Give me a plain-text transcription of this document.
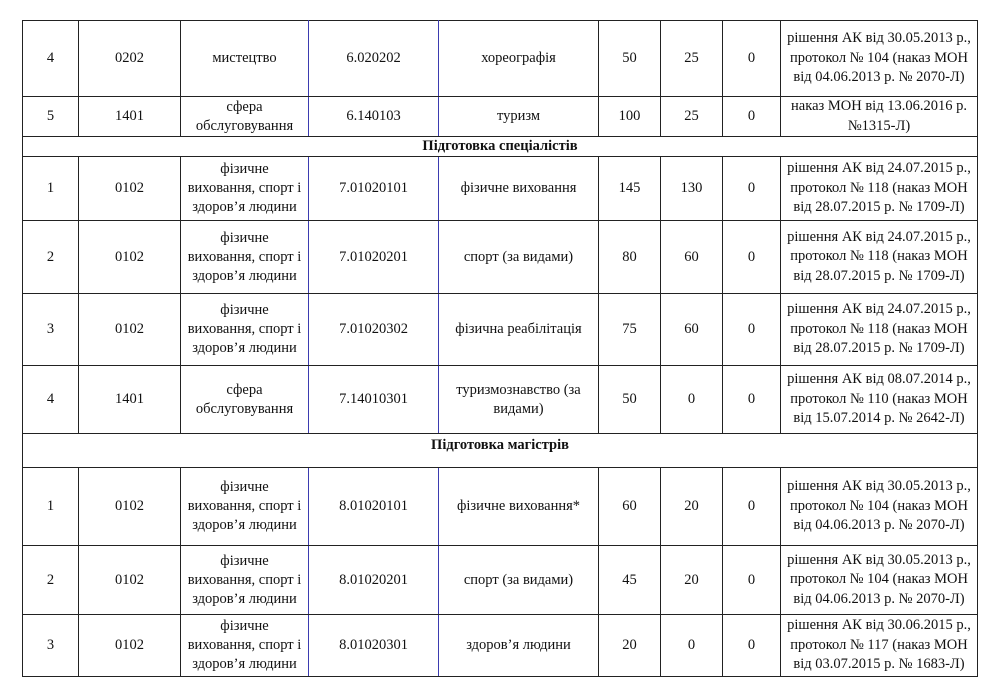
4	0202	мистецтво	6.020202	хореографія	50	25	0	рішення АК від 30.05.2013 р., протокол № 104 (наказ МОН від 04.06.2013 р. № 2070-Л)
5	1401	сфера обслуговування	6.140103	туризм	100	25	0	наказ МОН від 13.06.2016 р. №1315-Л)
Підготовка спеціалістів								
1	0102	фізичне виховання, спорт і здоров’я людини	7.01020101	фізичне виховання	145	130	0	рішення АК від 24.07.2015 р., протокол № 118 (наказ МОН від 28.07.2015 р. № 1709-Л)
2	0102	фізичне виховання, спорт і здоров’я людини	7.01020201	спорт (за видами)	80	60	0	рішення АК від 24.07.2015 р., протокол № 118 (наказ МОН від 28.07.2015 р. № 1709-Л)
3	0102	фізичне виховання, спорт і здоров’я людини	7.01020302	фізична реабілітація	75	60	0	рішення АК від 24.07.2015 р., протокол № 118 (наказ МОН від 28.07.2015 р. № 1709-Л)
4	1401	сфера обслуговування	7.14010301	туризмознавство (за видами)	50	0	0	рішення АК від 08.07.2014 р., протокол № 110 (наказ МОН від 15.07.2014 р. № 2642-Л)
Підготовка магістрів								
1	0102	фізичне виховання, спорт і здоров’я людини	8.01020101	фізичне виховання*	60	20	0	рішення АК від 30.05.2013 р., протокол № 104 (наказ МОН від 04.06.2013 р. № 2070-Л)
2	0102	фізичне виховання, спорт і здоров’я людини	8.01020201	спорт (за видами)	45	20	0	рішення АК від 30.05.2013 р., протокол № 104 (наказ МОН від 04.06.2013 р. № 2070-Л)
3	0102	фізичне виховання, спорт і здоров’я людини	8.01020301	здоров’я людини	20	0	0	рішення АК від 30.06.2015 р., протокол № 117 (наказ МОН від 03.07.2015 р. № 1683-Л)
